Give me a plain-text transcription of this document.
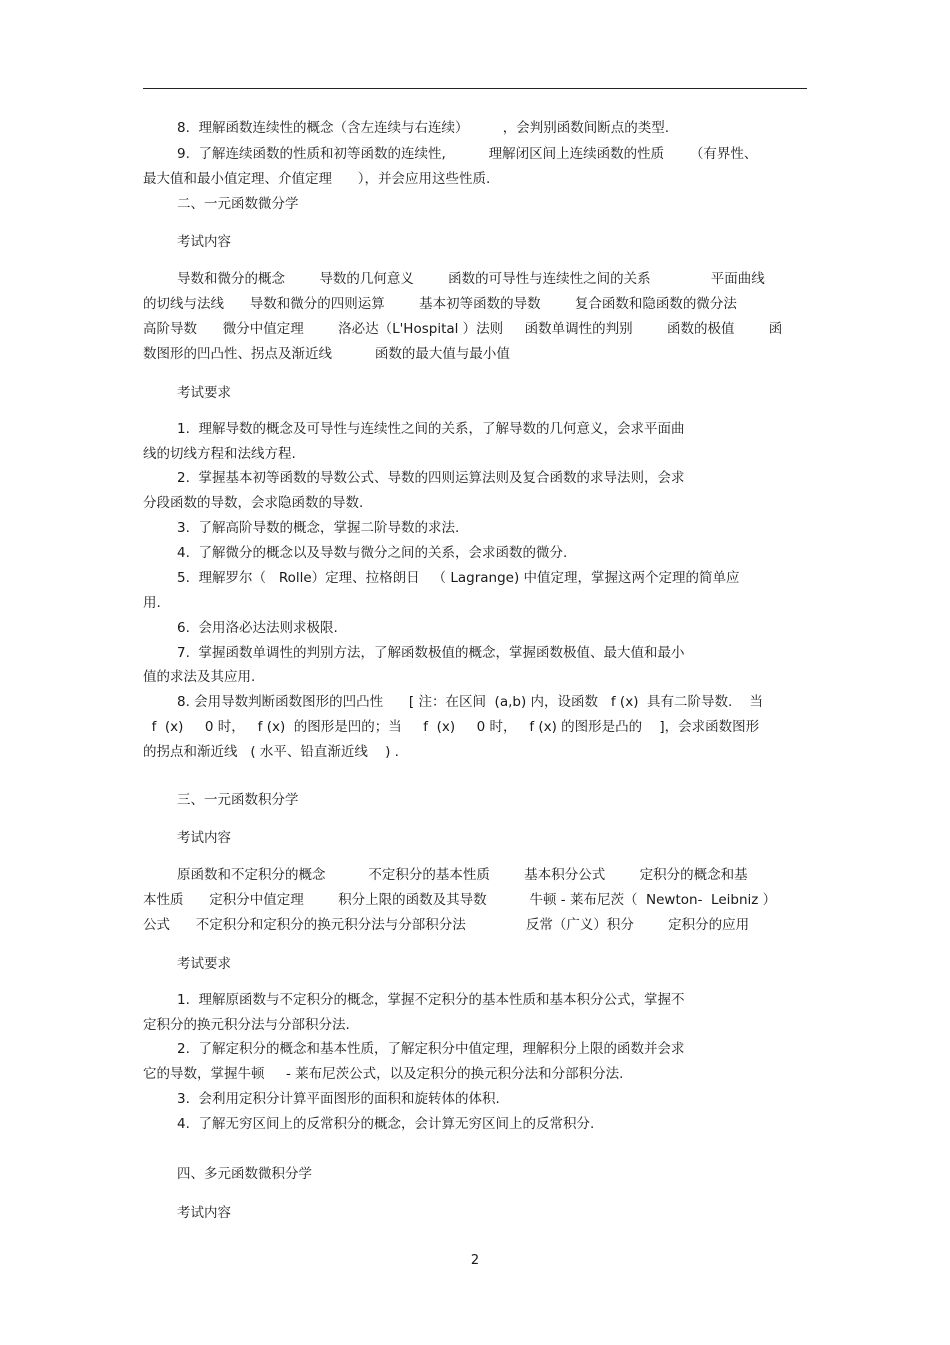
8.  理解函数连续性的概念（含左连续与右连续）        ，会判别函数间断点的类型.
9.  了解连续函数的性质和初等函数的连续性,          理解闭区间上连续函数的性质      （有界性、
最大值和最小值定理、介值定理      ），并会应用这些性质.
二、一元函数微分学
考试内容
导数和微分的概念        导数的几何意义        函数的可导性与连续性之间的关系              平面曲线
的切线与法线      导数和微分的四则运算        基本初等函数的导数        复合函数和隐函数的微分法
高阶导数      微分中值定理        洛必达（L'Hospital ）法则     函数单调性的判别        函数的极值        函
数图形的凹凸性、拐点及渐近线          函数的最大值与最小值
考试要求
1.  理解导数的概念及可导性与连续性之间的关系，了解导数的几何意义，会求平面曲
线的切线方程和法线方程.
2.  掌握基本初等函数的导数公式、导数的四则运算法则及复合函数的求导法则，会求
分段函数的导数，会求隐函数的导数.
3.  了解高阶导数的概念，掌握二阶导数的求法.
4.  了解微分的概念以及导数与微分之间的关系，会求函数的微分.
5.  理解罗尔（   Rolle）定理、拉格朗日   （ Lagrange) 中值定理，掌握这两个定理的简单应
用.
6.  会用洛必达法则求极限.
7.  掌握函数单调性的判别方法，了解函数极值的概念，掌握函数极值、最大值和最小
值的求法及其应用.
8. 会用导数判断函数图形的凹凸性      [ 注：在区间  (a,b) 内，设函数   f (x)  具有二阶导数.    当
f  (x)     0 时，   f (x)  的图形是凹的；当     f  (x)     0 时，   f (x) 的图形是凸的    ]，会求函数图形
的拐点和渐近线   ( 水平、铅直渐近线    ) .
三、一元函数积分学
考试内容
原函数和不定积分的概念          不定积分的基本性质        基本积分公式        定积分的概念和基
本性质      定积分中值定理        积分上限的函数及其导数          牛顿 - 莱布尼茨（  Newton-  Leibniz ）
公式      不定积分和定积分的换元积分法与分部积分法              反常（广义）积分        定积分的应用
考试要求
1.  理解原函数与不定积分的概念，掌握不定积分的基本性质和基本积分公式，掌握不
定积分的换元积分法与分部积分法.
2.  了解定积分的概念和基本性质，了解定积分中值定理，理解积分上限的函数并会求
它的导数，掌握牛顿     - 莱布尼茨公式，以及定积分的换元积分法和分部积分法.
3.  会利用定积分计算平面图形的面积和旋转体的体积.
4.  了解无穷区间上的反常积分的概念，会计算无穷区间上的反常积分.
四、多元函数微积分学
考试内容
2
